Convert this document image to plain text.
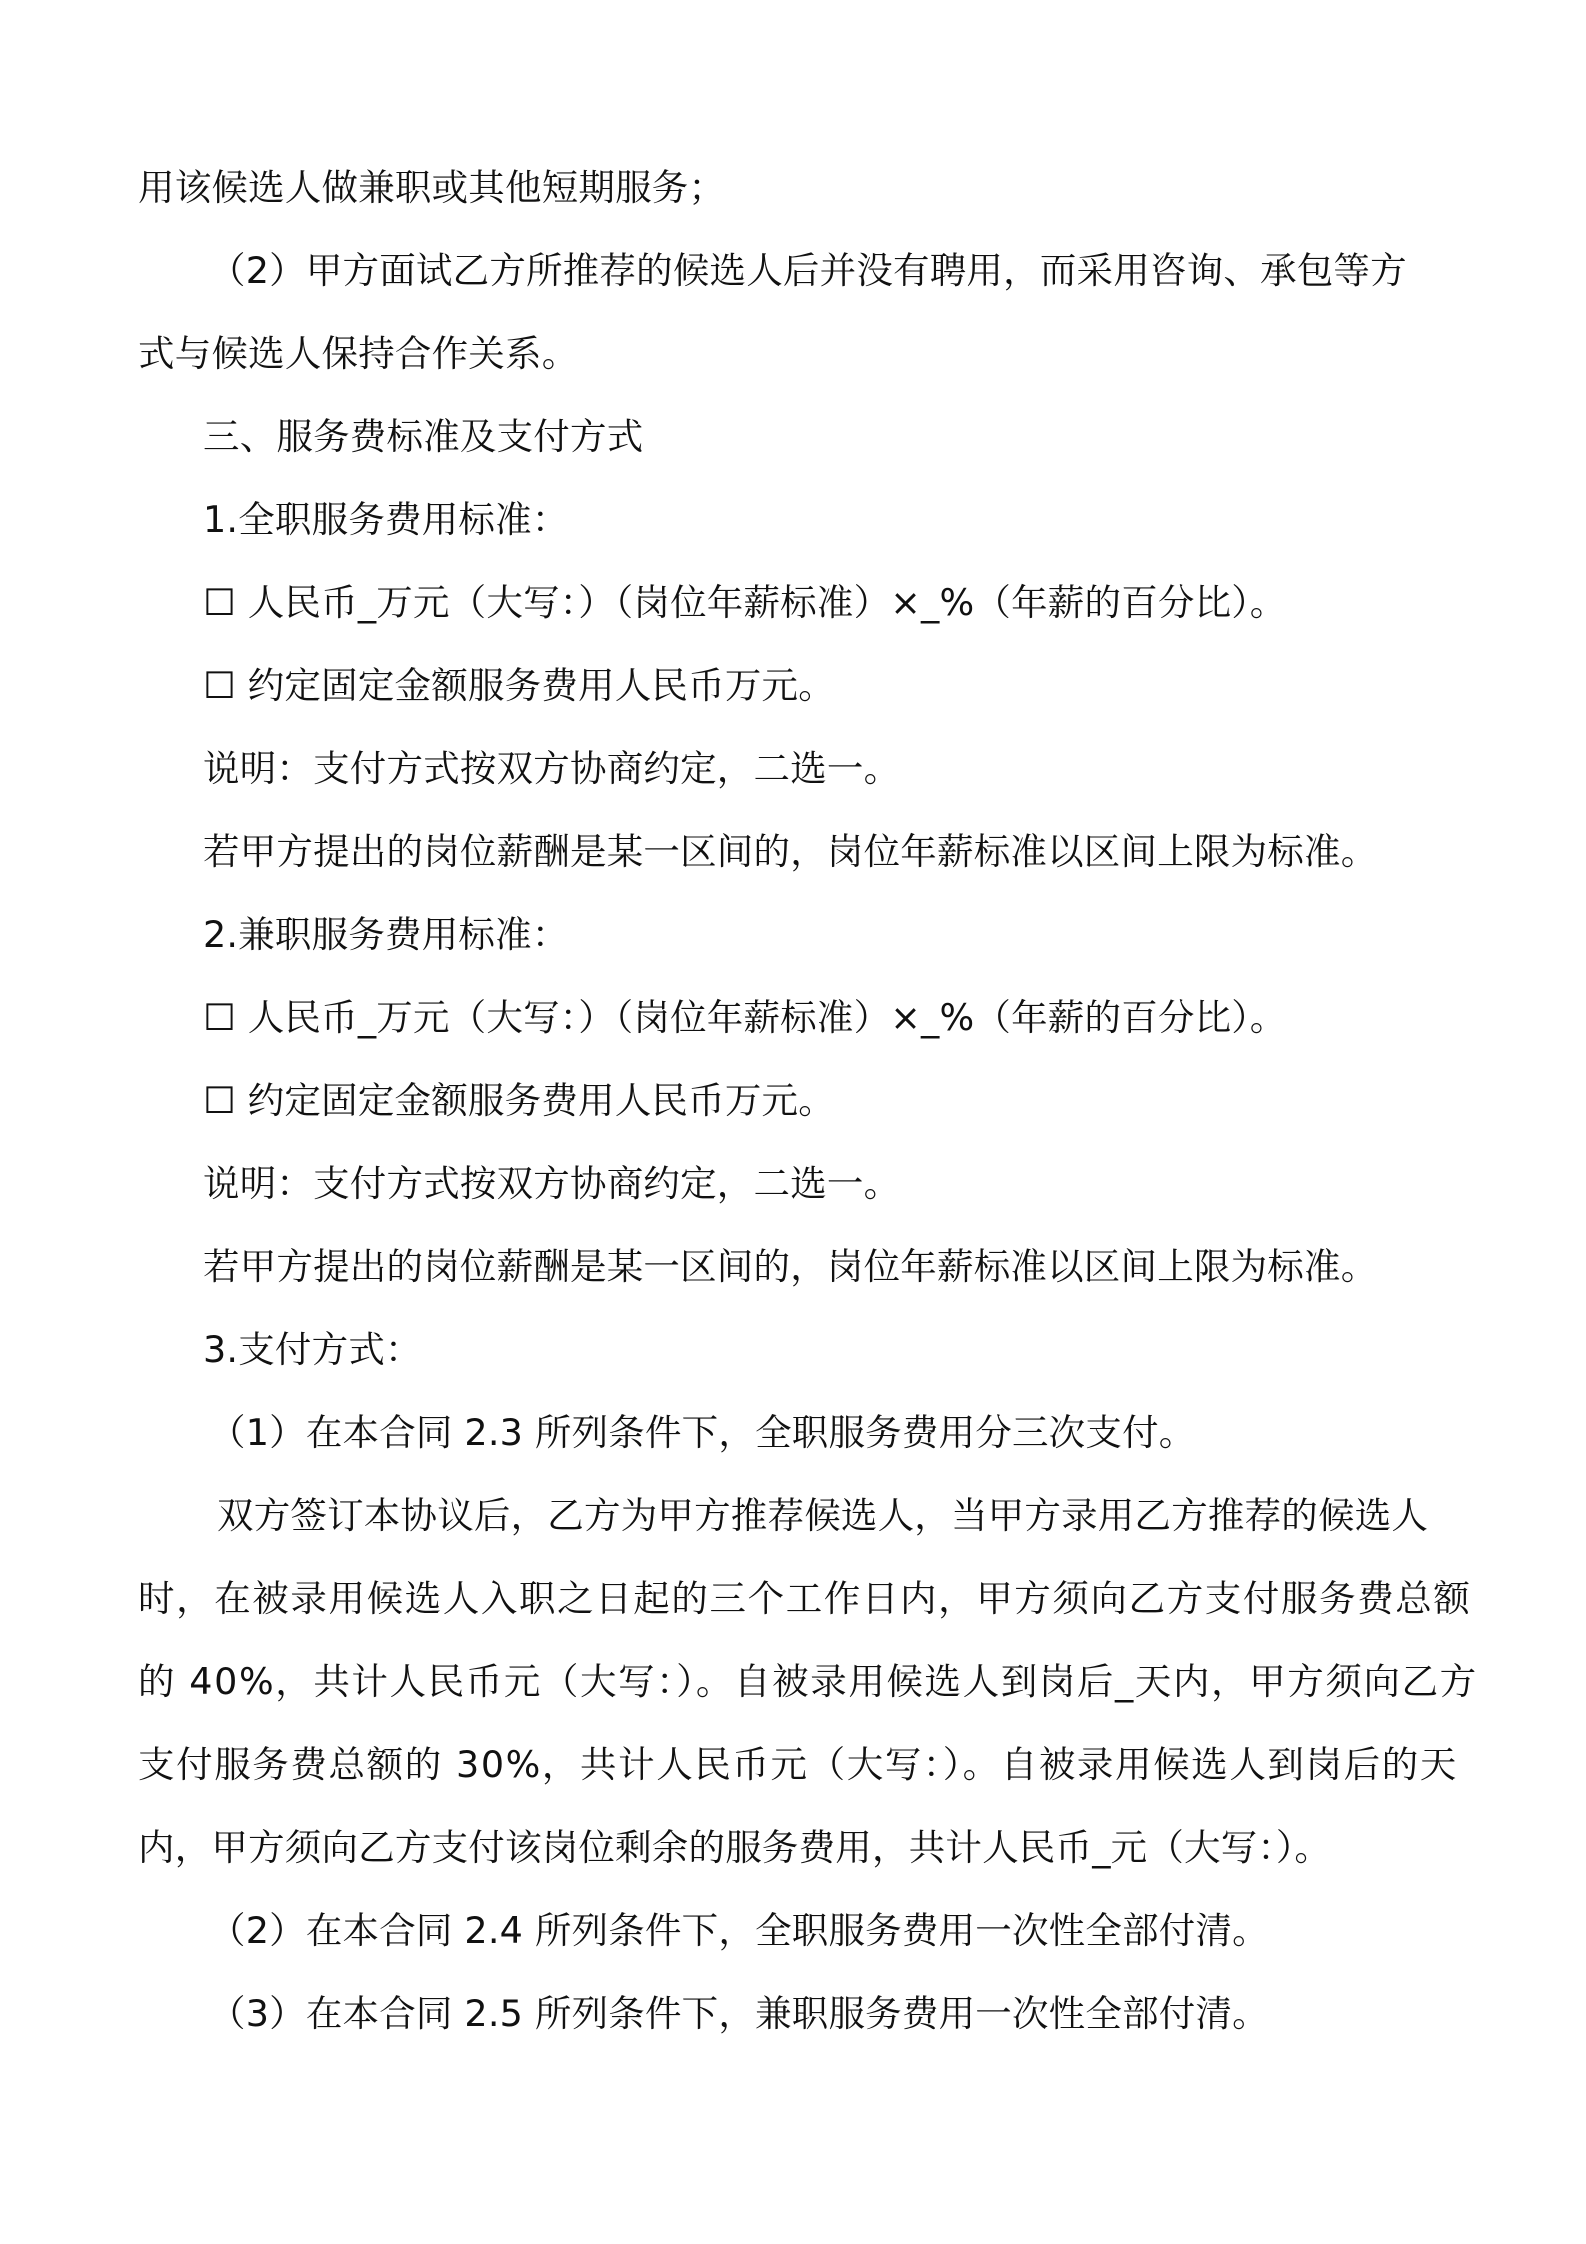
用该候选人做兼职或其他短期服务；
（2）甲方面试乙方所推荐的候选人后并没有聘用，而采用咨询、承包等方
式与候选人保持合作关系。
三、服务费标准及支付方式
1.全职服务费用标准：
☐ 人民币_万元（大写：）（岗位年薪标准）×_%（年薪的百分比）。
☐ 约定固定金额服务费用人民币万元。
说明：支付方式按双方协商约定，二选一。
若甲方提出的岗位薪酬是某一区间的，岗位年薪标准以区间上限为标准。
2.兼职服务费用标准：
☐ 人民币_万元（大写：）（岗位年薪标准）×_%（年薪的百分比）。
☐ 约定固定金额服务费用人民币万元。
说明：支付方式按双方协商约定，二选一。
若甲方提出的岗位薪酬是某一区间的，岗位年薪标准以区间上限为标准。
3.支付方式：
（1）在本合同 2.3 所列条件下，全职服务费用分三次支付。
双方签订本协议后，乙方为甲方推荐候选人，当甲方录用乙方推荐的候选人
时，在被录用候选人入职之日起的三个工作日内，甲方须向乙方支付服务费总额
的 40%，共计人民币元（大写：）。自被录用候选人到岗后_天内，甲方须向乙方
支付服务费总额的 30%，共计人民币元（大写：）。自被录用候选人到岗后的天
内，甲方须向乙方支付该岗位剩余的服务费用，共计人民币_元（大写：）。
（2）在本合同 2.4 所列条件下，全职服务费用一次性全部付清。
（3）在本合同 2.5 所列条件下，兼职服务费用一次性全部付清。
